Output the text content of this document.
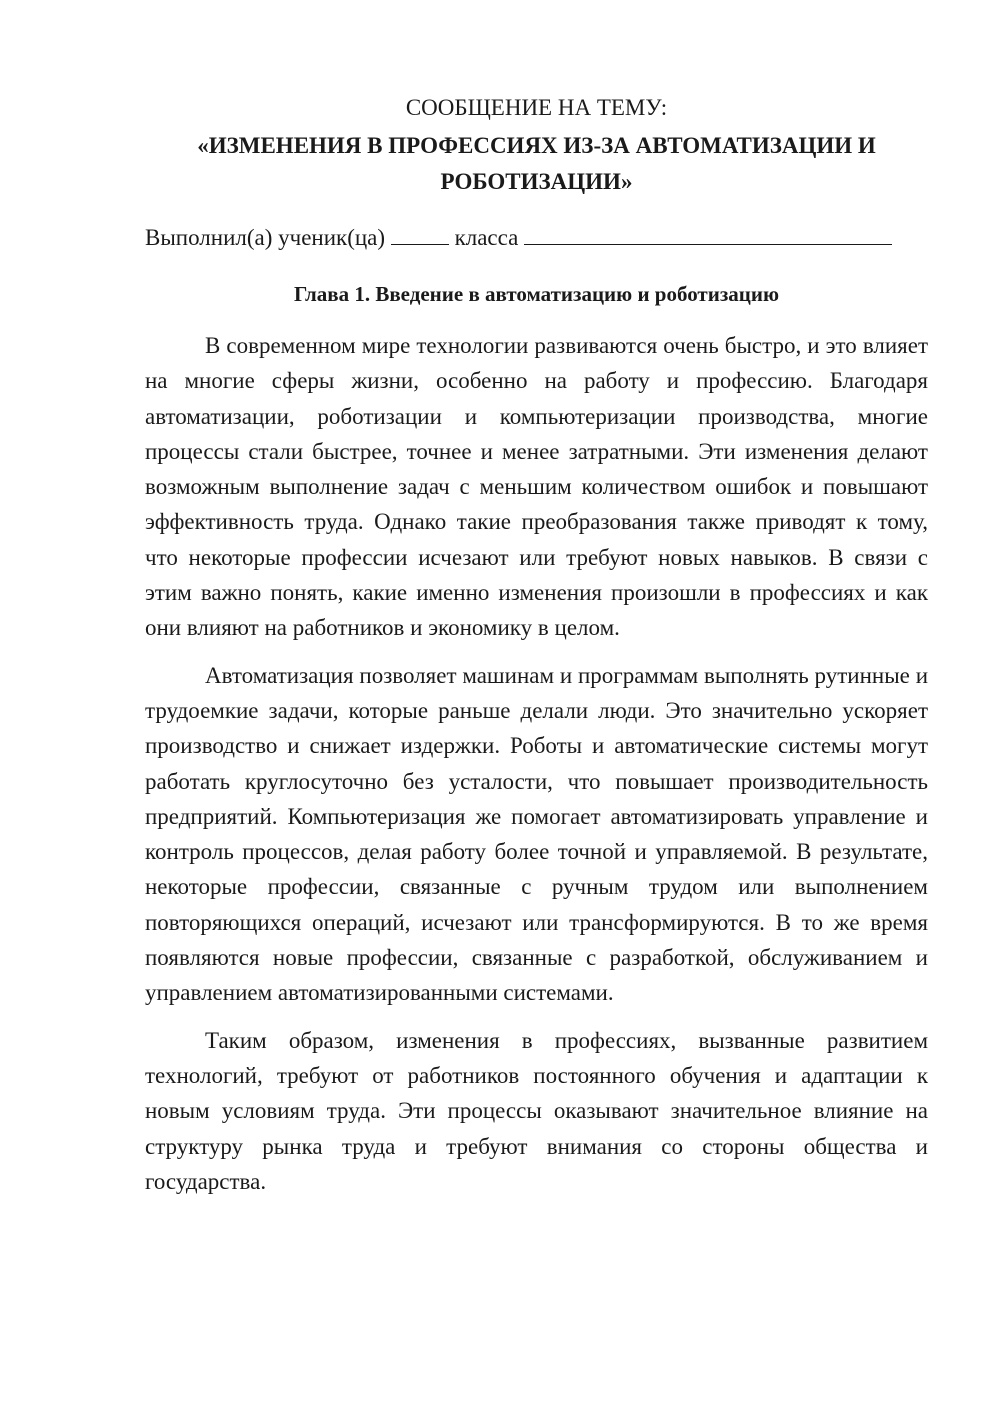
СООБЩЕНИЕ НА ТЕМУ:

«ИЗМЕНЕНИЯ В ПРОФЕССИЯХ ИЗ-ЗА АВТОМАТИЗАЦИИ И РОБОТИЗАЦИИ»

Выполнил(а) ученик(ца)	класса

Глава 1. Введение в автоматизацию и роботизацию

В современном мире технологии развиваются очень быстро, и это влияет на многие сферы жизни, особенно на работу и профессию. Благодаря автоматизации, роботизации и компьютеризации производства, многие процессы стали быстрее, точнее и менее затратными. Эти изменения делают возможным выполнение задач с меньшим количеством ошибок и повышают эффективность труда. Однако такие преобразования также приводят к тому, что некоторые профессии исчезают или требуют новых навыков. В связи с этим важно понять, какие именно изменения произошли в профессиях и как они влияют на работников и экономику в целом.

Автоматизация позволяет машинам и программам выполнять рутинные и трудоемкие задачи, которые раньше делали люди. Это значительно ускоряет производство и снижает издержки. Роботы и автоматические системы могут работать круглосуточно без усталости, что повышает производительность предприятий. Компьютеризация же помогает автоматизировать управление и контроль процессов, делая работу более точной и управляемой. В результате, некоторые профессии, связанные с ручным трудом или выполнением повторяющихся операций, исчезают или трансформируются. В то же время появляются новые профессии, связанные с разработкой, обслуживанием и управлением автоматизированными системами.

Таким образом, изменения в профессиях, вызванные развитием технологий, требуют от работников постоянного обучения и адаптации к новым условиям труда. Эти процессы оказывают значительное влияние на структуру рынка труда и требуют внимания со стороны общества и государства.
